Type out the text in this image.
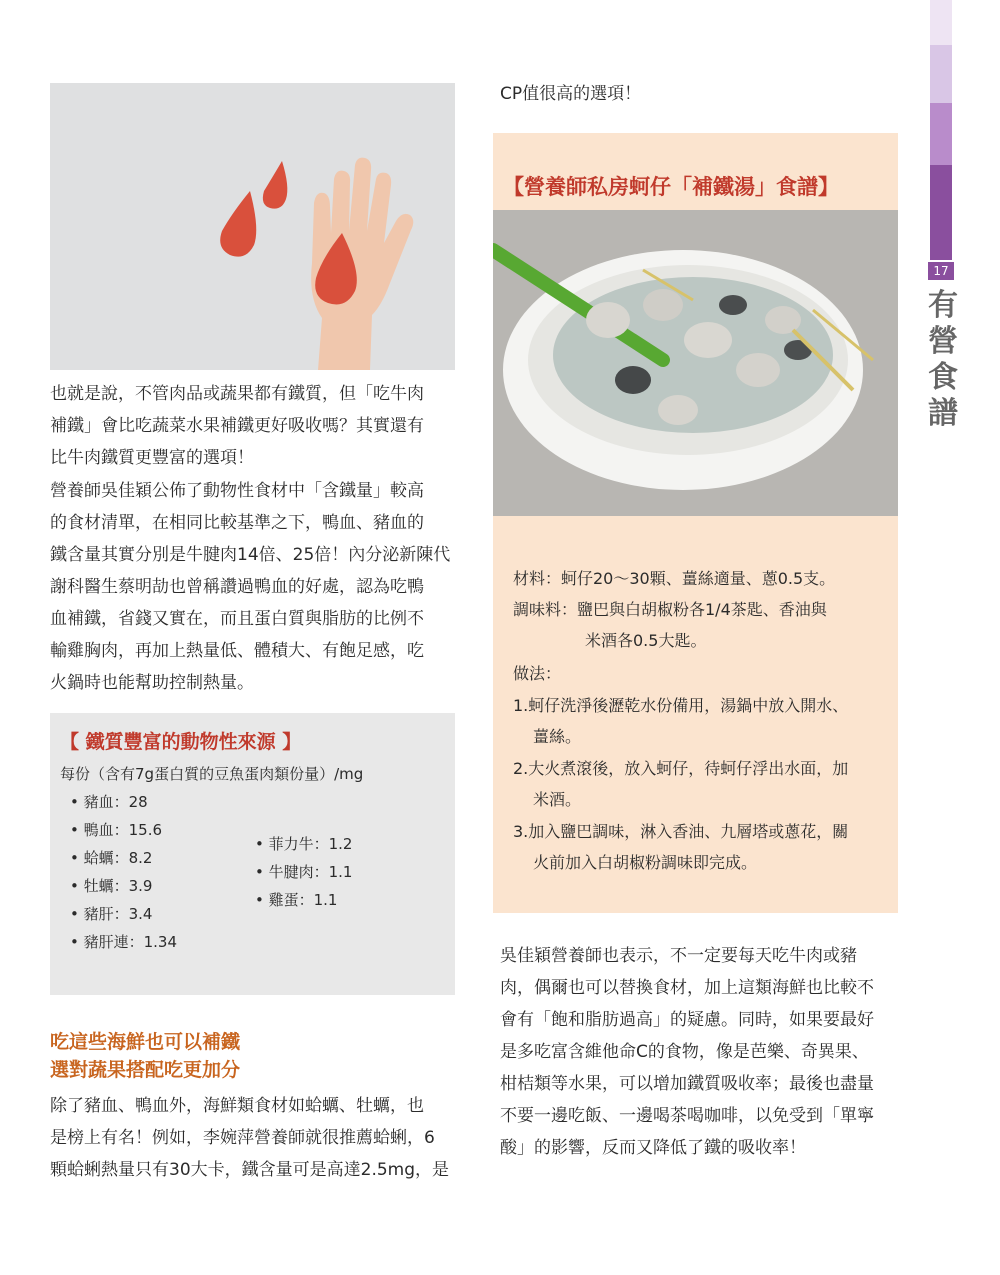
17
有
營
食
譜

也就是說，不管肉品或蔬果都有鐵質，但「吃牛肉

補鐵」會比吃蔬菜水果補鐵更好吸收嗎？其實還有

比牛肉鐵質更豐富的選項！

營養師吳佳穎公佈了動物性食材中「含鐵量」較高

的食材清單，在相同比較基準之下，鴨血、豬血的

鐵含量其實分別是牛腱肉14倍、25倍！內分泌新陳代

謝科醫生蔡明劼也曾稱讚過鴨血的好處，認為吃鴨

血補鐵，省錢又實在，而且蛋白質與脂肪的比例不

輸雞胸肉，再加上熱量低、體積大、有飽足感，吃

火鍋時也能幫助控制熱量。

【 鐵質豐富的動物性來源 】
每份（含有7g蛋白質的豆魚蛋肉類份量）/mg
• 豬血：28
• 鴨血：15.6
• 蛤蠣：8.2
• 牡蠣：3.9
• 豬肝：3.4
• 豬肝連：1.34
• 菲力牛：1.2
• 牛腱肉：1.1
• 雞蛋：1.1

吃這些海鮮也可以補鐵

選對蔬果搭配吃更加分

除了豬血、鴨血外，海鮮類食材如蛤蠣、牡蠣，也

是榜上有名！例如，李婉萍營養師就很推薦蛤蜊，6

顆蛤蜊熱量只有30大卡，鐵含量可是高達2.5mg，是

CP值很高的選項！
【營養師私房蚵仔「補鐵湯」食譜】
材料：蚵仔20～30顆、薑絲適量、蔥0.5支。
調味料：鹽巴與白胡椒粉各1/4茶匙、香油與
米酒各0.5大匙。
做法：
1.蚵仔洗淨後瀝乾水份備用，湯鍋中放入開水、
薑絲。
2.大火煮滾後，放入蚵仔，待蚵仔浮出水面，加
米酒。
3.加入鹽巴調味，淋入香油、九層塔或蔥花，關
火前加入白胡椒粉調味即完成。

吳佳穎營養師也表示，不一定要每天吃牛肉或豬

肉，偶爾也可以替換食材，加上這類海鮮也比較不

會有「飽和脂肪過高」的疑慮。同時，如果要最好

是多吃富含維他命C的食物，像是芭樂、奇異果、

柑桔類等水果，可以增加鐵質吸收率；最後也盡量

不要一邊吃飯、一邊喝茶喝咖啡，以免受到「單寧

酸」的影響，反而又降低了鐵的吸收率！
